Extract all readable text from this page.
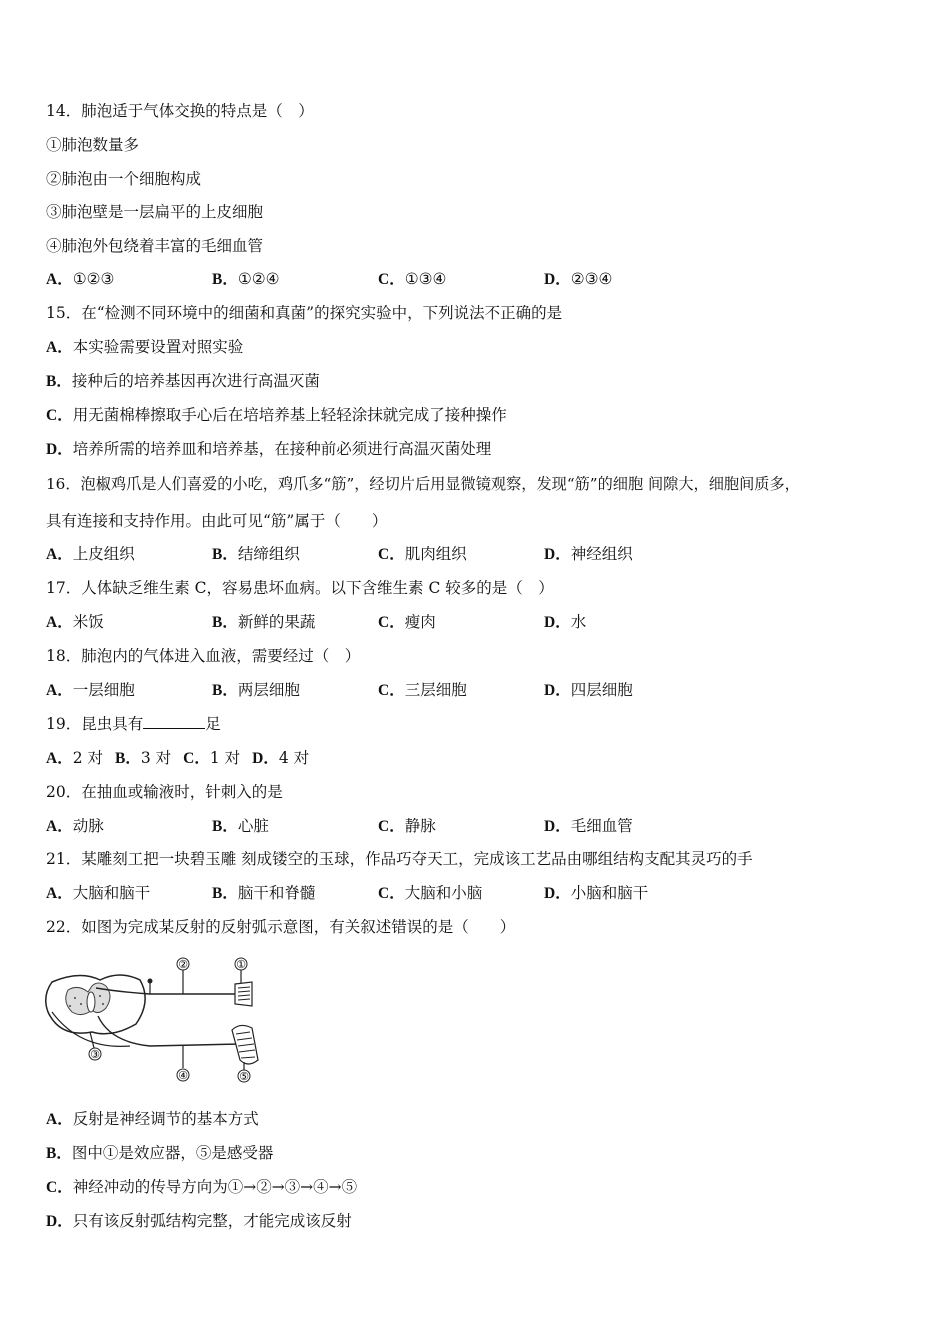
14．肺泡适于气体交换的特点是（　）
①肺泡数量多
②肺泡由一个细胞构成
③肺泡壁是一层扁平的上皮细胞
④肺泡外包绕着丰富的毛细血管
A．①②③	B．①②④	C．①③④	D．②③④
15．在“检测不同环境中的细菌和真菌”的探究实验中，下列说法不正确的是
A．本实验需要设置对照实验
B．接种后的培养基因再次进行高温灭菌
C．用无菌棉棒擦取手心后在培培养基上轻轻涂抹就完成了接种操作
D．培养所需的培养皿和培养基，在接种前必须进行高温灭菌处理
16．泡椒鸡爪是人们喜爱的小吃，鸡爪多“筋”，经切片后用显微镜观察，发现“筋”的细胞 间隙大，细胞间质多，
具有连接和支持作用。由此可见“筋”属于（　　）
A．上皮组织	B．结缔组织	C．肌肉组织	D．神经组织
17．人体缺乏维生素 C，容易患坏血病。以下含维生素 C 较多的是（　）
A．米饭	B．新鲜的果蔬	C．瘦肉	D．水
18．肺泡内的气体进入血液，需要经过（　）
A．一层细胞	B．两层细胞	C．三层细胞	D．四层细胞
19．昆虫具有	足
A．2 对 B．3 对 C．1 对 D．4 对
20．在抽血或输液时，针刺入的是
A．动脉	B．心脏	C．静脉	D．毛细血管
21．某雕刻工把一块碧玉雕 刻成镂空的玉球，作品巧夺天工，完成该工艺品由哪组结构支配其灵巧的手
A．大脑和脑干	B．脑干和脊髓	C．大脑和小脑	D．小脑和脑干
22．如图为完成某反射的反射弧示意图，有关叙述错误的是（　　）
②	①
③
④	⑤
A．反射是神经调节的基本方式
B．图中①是效应器，⑤是感受器
C．神经冲动的传导方向为①→②→③→④→⑤
D．只有该反射弧结构完整，才能完成该反射
